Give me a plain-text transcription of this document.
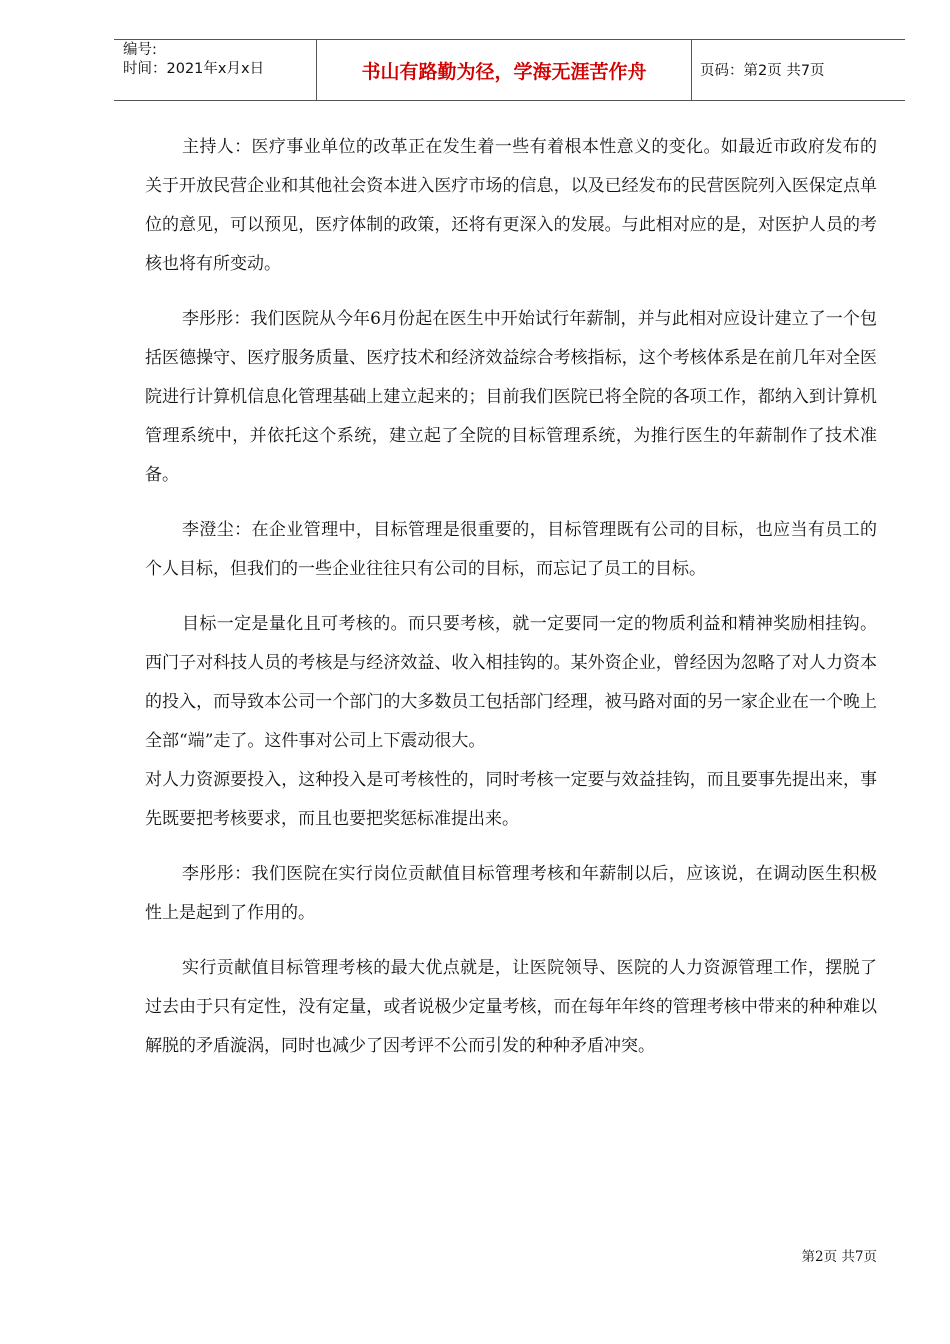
编号:
时间：2021年x月x日	书山有路勤为径，学海无涯苦作舟	页码：第2页 共7页

主持人：医疗事业单位的改革正在发生着一些有着根本性意义的变化。如最近市政府发布的关于开放民营企业和其他社会资本进入医疗市场的信息，以及已经发布的民营医院列入医保定点单位的意见，可以预见，医疗体制的政策，还将有更深入的发展。与此相对应的是，对医护人员的考核也将有所变动。

李彤彤：我们医院从今年6月份起在医生中开始试行年薪制，并与此相对应设计建立了一个包括医德操守、医疗服务质量、医疗技术和经济效益综合考核指标，这个考核体系是在前几年对全医院进行计算机信息化管理基础上建立起来的；目前我们医院已将全院的各项工作，都纳入到计算机管理系统中，并依托这个系统，建立起了全院的目标管理系统，为推行医生的年薪制作了技术准备。

李澄尘：在企业管理中，目标管理是很重要的，目标管理既有公司的目标，也应当有员工的个人目标，但我们的一些企业往往只有公司的目标，而忘记了员工的目标。

目标一定是量化且可考核的。而只要考核，就一定要同一定的物质利益和精神奖励相挂钩。西门子对科技人员的考核是与经济效益、收入相挂钩的。某外资企业，曾经因为忽略了对人力资本的投入，而导致本公司一个部门的大多数员工包括部门经理，被马路对面的另一家企业在一个晚上全部“端”走了。这件事对公司上下震动很大。

对人力资源要投入，这种投入是可考核性的，同时考核一定要与效益挂钩，而且要事先提出来，事先既要把考核要求，而且也要把奖惩标准提出来。

李彤彤：我们医院在实行岗位贡献值目标管理考核和年薪制以后，应该说，在调动医生积极性上是起到了作用的。

实行贡献值目标管理考核的最大优点就是，让医院领导、医院的人力资源管理工作，摆脱了过去由于只有定性，没有定量，或者说极少定量考核，而在每年年终的管理考核中带来的种种难以解脱的矛盾漩涡，同时也减少了因考评不公而引发的种种矛盾冲突。

第2页 共7页
